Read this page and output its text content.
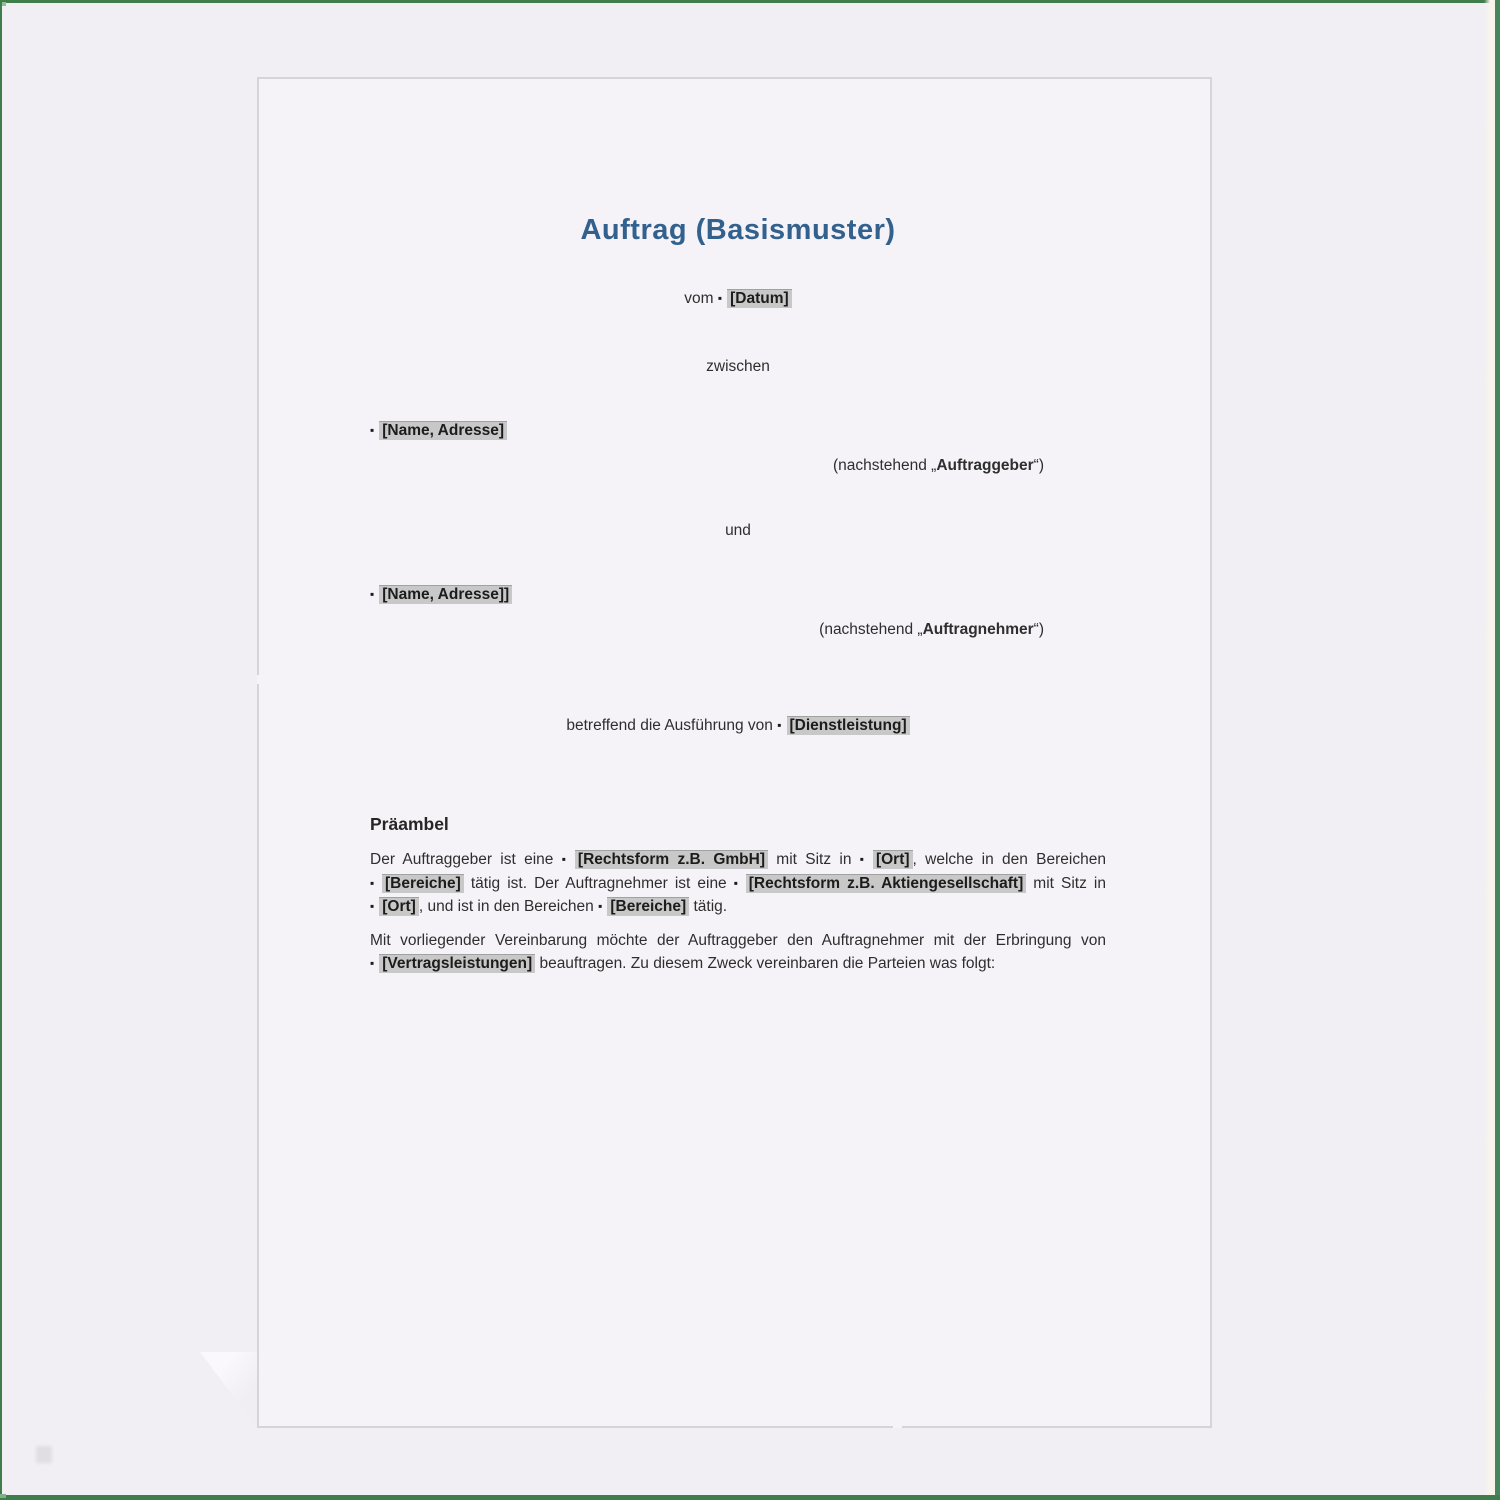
Auftrag (Basismuster)
vom ▪ [Datum]
zwischen
▪ [Name, Adresse]
(nachstehend „Auftraggeber“)
und
▪ [Name, Adresse]]
(nachstehend „Auftragnehmer“)
betreffend die Ausführung von ▪ [Dienstleistung]
Präambel
Der Auftraggeber ist eine ▪ [Rechtsform z.B. GmbH] mit Sitz in ▪ [Ort] , welche in den Bereichen ▪ [Bereiche] tätig ist. Der Auftragnehmer ist eine ▪ [Rechtsform z.B. Aktiengesellschaft] mit Sitz in ▪ [Ort] , und ist in den Bereichen ▪ [Bereiche] tätig.
Mit vorliegender Vereinbarung möchte der Auftraggeber den Auftragnehmer mit der Erbringung von ▪ [Vertragsleistungen] beauftragen. Zu diesem Zweck vereinbaren die Parteien was folgt:
